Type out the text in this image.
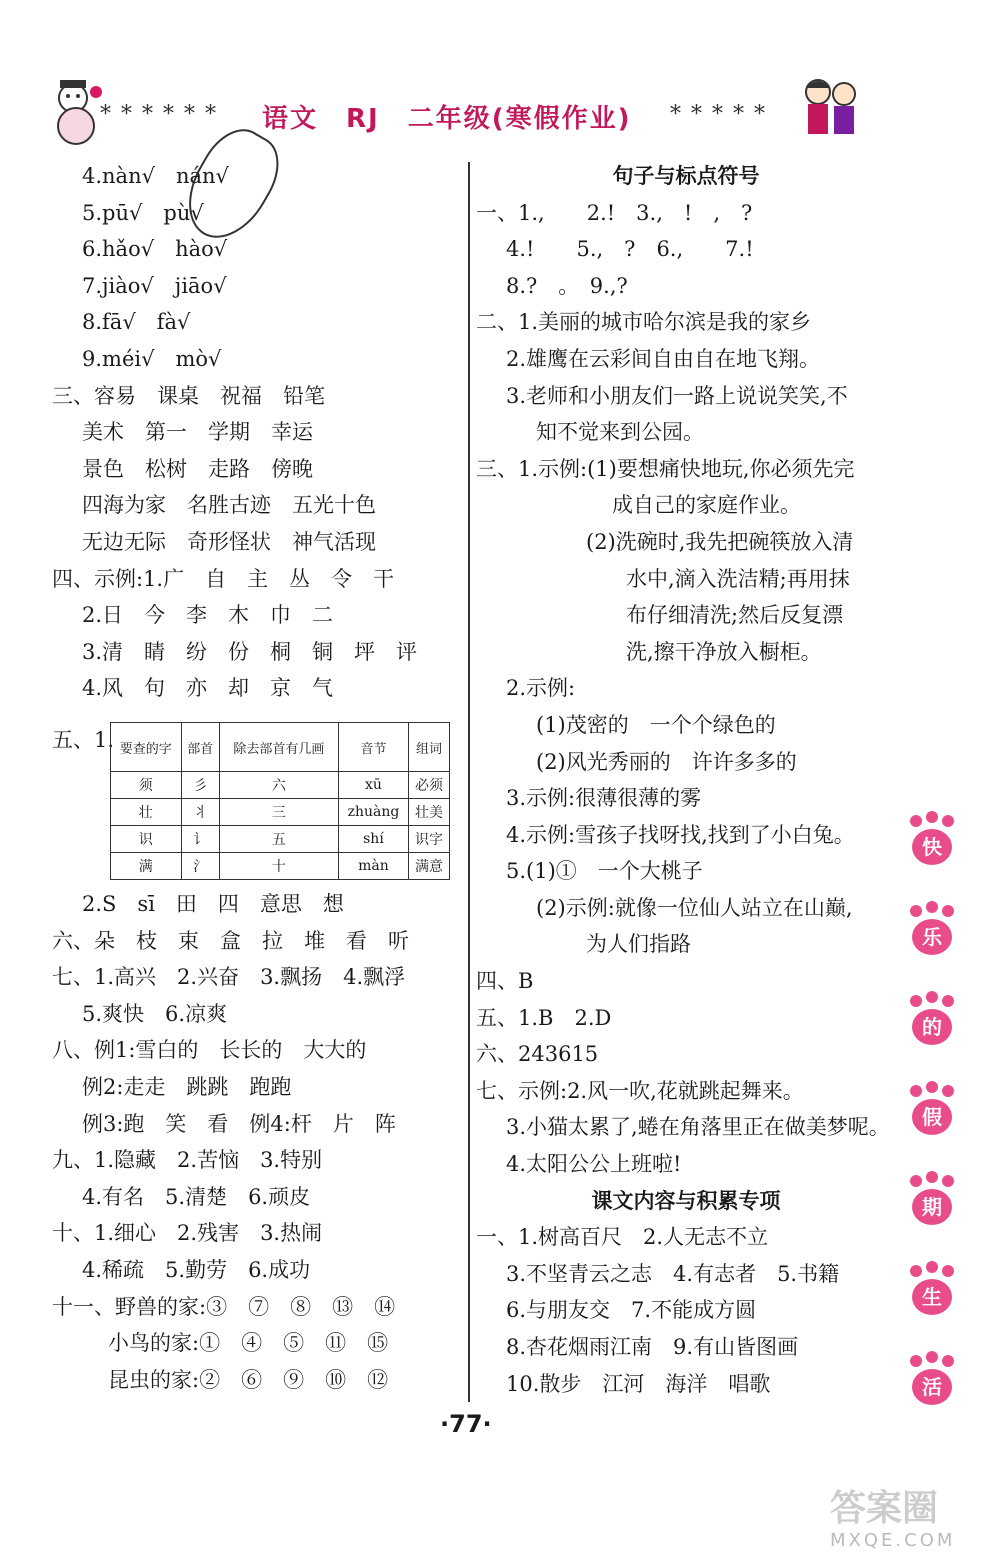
****** 语文　RJ　二年级(寒假作业) *****
4.nàn√　nán√
5.pū√　pù√
6.hǎo√　hào√
7.jiào√　jiāo√
8.fā√　fà√
9.méi√　mò√
三、容易　课桌　祝福　铅笔
美术　第一　学期　幸运
景色　松树　走路　傍晚
四海为家　名胜古迹　五光十色
无边无际　奇形怪状　神气活现
四、示例:1.广　自　主　丛　令　干
2.日　今　李　木　巾　二
3.清　睛　纷　份　桐　铜　坪　评
4.风　句　亦　却　京　气
五、1. 要查的字	部首	除去部首有几画	音节	组词
须	彡	六	xū	必须
壮	丬	三	zhuàng	壮美
识	讠	五	shí	识字
满	氵	十	màn	满意
2.S　sī　田　四　意思　想
六、朵　枝　束　盒　拉　堆　看　听
七、1.高兴　2.兴奋　3.飘扬　4.飘浮
5.爽快　6.凉爽
八、例1:雪白的　长长的　大大的
例2:走走　跳跳　跑跑
例3:跑　笑　看　例4:杆　片　阵
九、1.隐藏　2.苦恼　3.特别
4.有名　5.清楚　6.顽皮
十、1.细心　2.残害　3.热闹
4.稀疏　5.勤劳　6.成功
十一、野兽的家:③　⑦　⑧　⑬　⑭
小鸟的家:①　④　⑤　⑪　⑮
昆虫的家:②　⑥　⑨　⑩　⑫
句子与标点符号
一、1.,　　2.!　3.,　!　,　?
4.!　　5.,　?　6.,　　7.!
8.?　。　9.,?
二、1.美丽的城市哈尔滨是我的家乡
2.雄鹰在云彩间自由自在地飞翔。
3.老师和小朋友们一路上说说笑笑,不
知不觉来到公园。
三、1.示例:(1)要想痛快地玩,你必须先完
成自己的家庭作业。
(2)洗碗时,我先把碗筷放入清
水中,滴入洗洁精;再用抹
布仔细清洗;然后反复漂
洗,擦干净放入橱柜。
2.示例:
(1)茂密的　一个个绿色的
(2)风光秀丽的　许许多多的
3.示例:很薄很薄的雾
4.示例:雪孩子找呀找,找到了小白兔。
5.(1)①　一个大桃子
(2)示例:就像一位仙人站立在山巅,
为人们指路
四、B
五、1.B　2.D
六、243615
七、示例:2.风一吹,花就跳起舞来。
3.小猫太累了,蜷在角落里正在做美梦呢。
4.太阳公公上班啦!
课文内容与积累专项
一、1.树高百尺　2.人无志不立
3.不坚青云之志　4.有志者　5.书籍
6.与朋友交　7.不能成方圆
8.杏花烟雨江南　9.有山皆图画
10.散步　江河　海洋　唱歌
快
乐
的
假
期
生
活
·77·
答案圈
MXQE.COM
